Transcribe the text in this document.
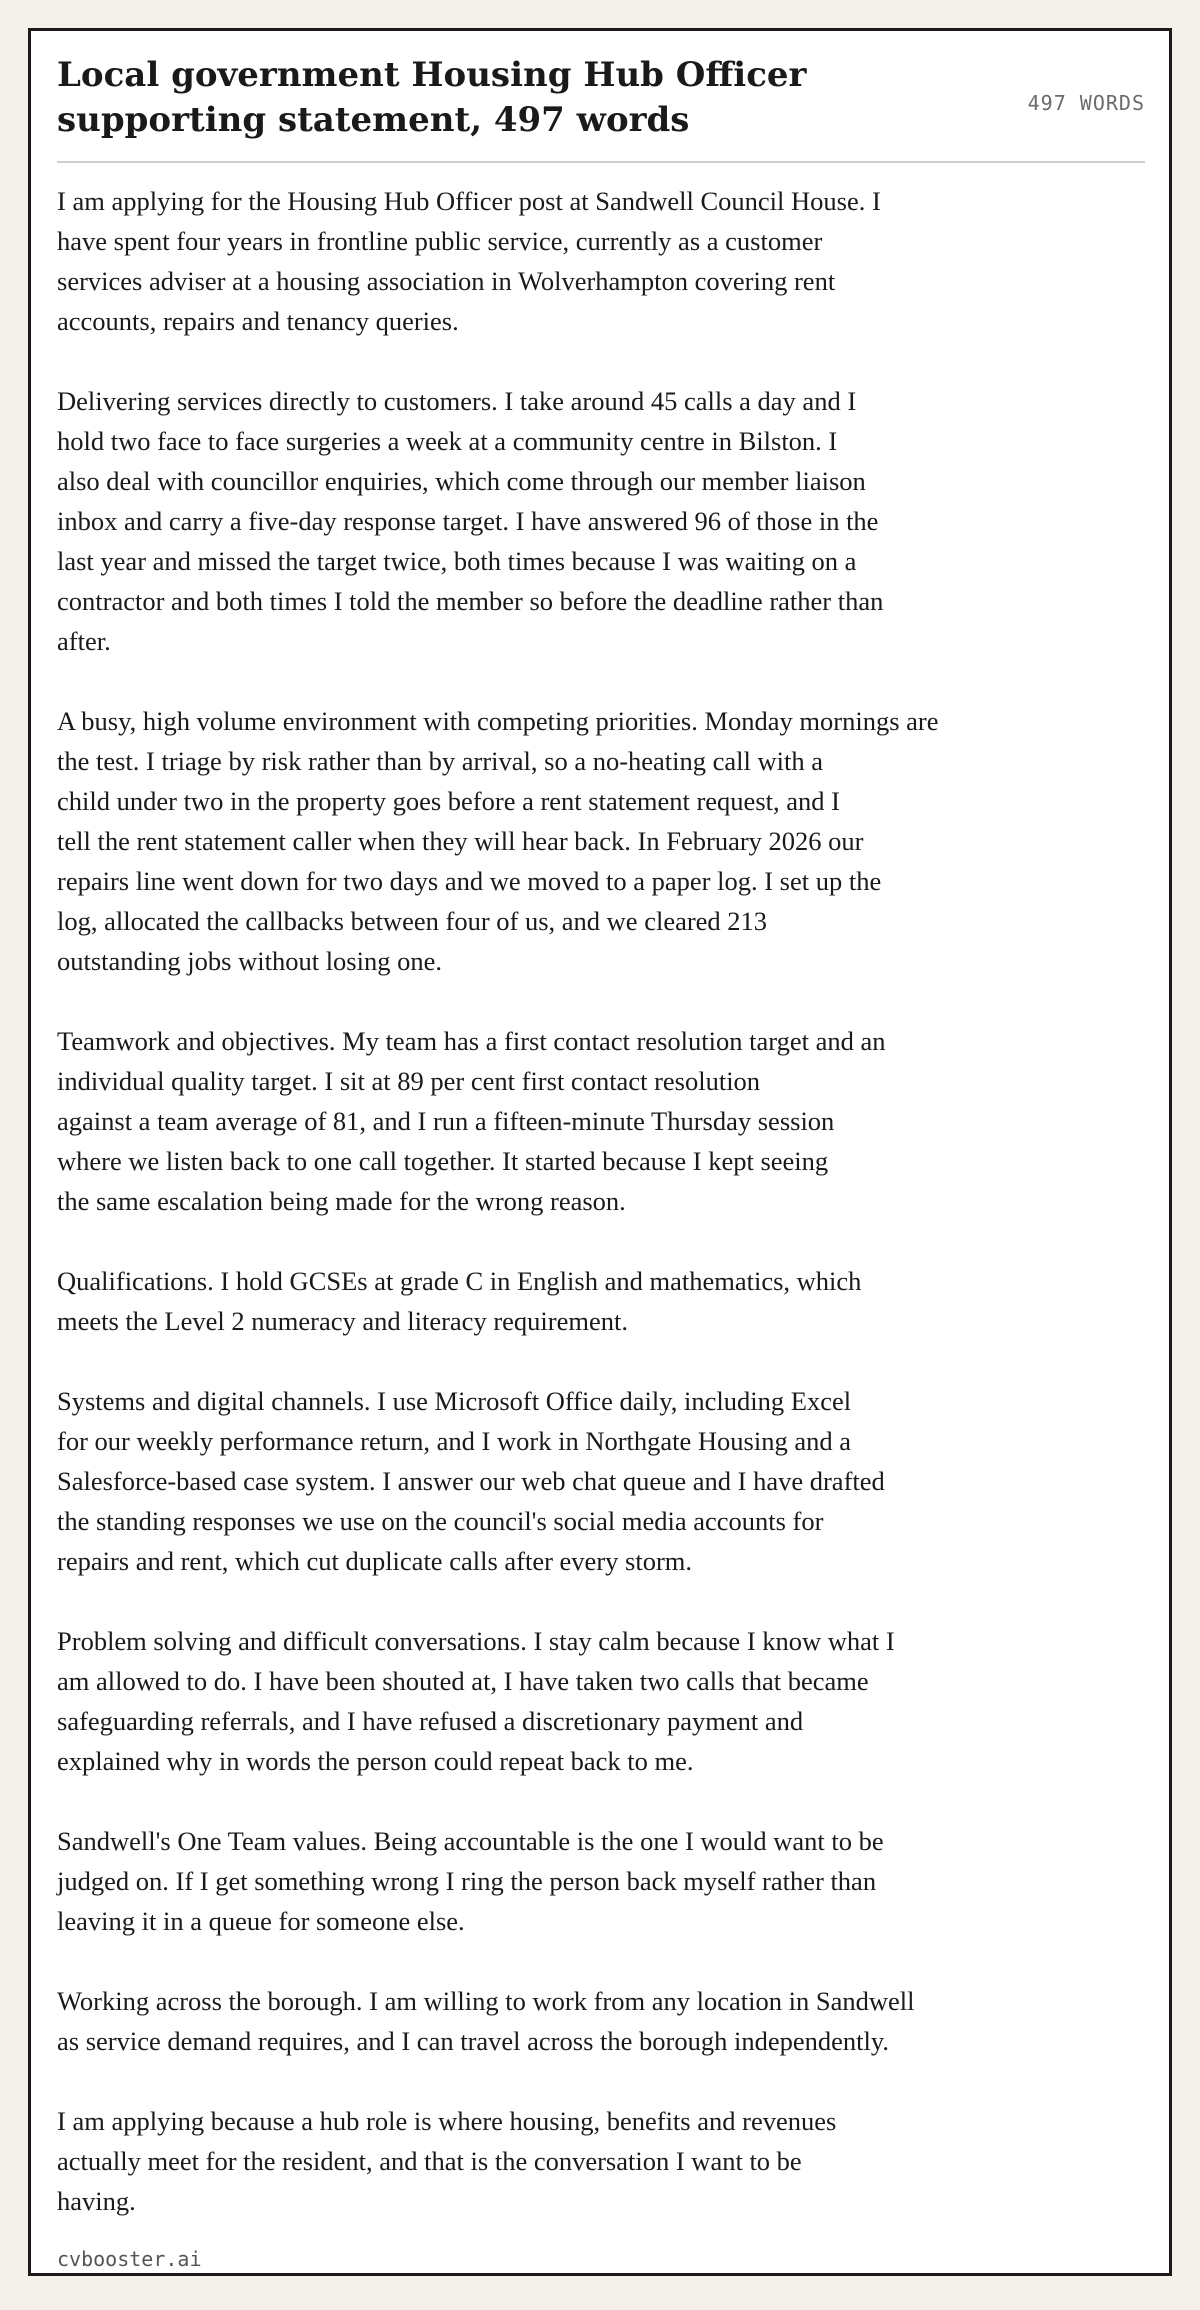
Local government Housing Hub Officer
supporting statement, 497 words	497 WORDS

I am applying for the Housing Hub Officer post at Sandwell Council House. I
have spent four years in frontline public service, currently as a customer
services adviser at a housing association in Wolverhampton covering rent
accounts, repairs and tenancy queries.

Delivering services directly to customers. I take around 45 calls a day and I
hold two face to face surgeries a week at a community centre in Bilston. I
also deal with councillor enquiries, which come through our member liaison
inbox and carry a five-day response target. I have answered 96 of those in the
last year and missed the target twice, both times because I was waiting on a
contractor and both times I told the member so before the deadline rather than
after.

A busy, high volume environment with competing priorities. Monday mornings are
the test. I triage by risk rather than by arrival, so a no-heating call with a
child under two in the property goes before a rent statement request, and I
tell the rent statement caller when they will hear back. In February 2026 our
repairs line went down for two days and we moved to a paper log. I set up the
log, allocated the callbacks between four of us, and we cleared 213
outstanding jobs without losing one.

Teamwork and objectives. My team has a first contact resolution target and an
individual quality target. I sit at 89 per cent first contact resolution
against a team average of 81, and I run a fifteen-minute Thursday session
where we listen back to one call together. It started because I kept seeing
the same escalation being made for the wrong reason.

Qualifications. I hold GCSEs at grade C in English and mathematics, which
meets the Level 2 numeracy and literacy requirement.

Systems and digital channels. I use Microsoft Office daily, including Excel
for our weekly performance return, and I work in Northgate Housing and a
Salesforce-based case system. I answer our web chat queue and I have drafted
the standing responses we use on the council's social media accounts for
repairs and rent, which cut duplicate calls after every storm.

Problem solving and difficult conversations. I stay calm because I know what I
am allowed to do. I have been shouted at, I have taken two calls that became
safeguarding referrals, and I have refused a discretionary payment and
explained why in words the person could repeat back to me.

Sandwell's One Team values. Being accountable is the one I would want to be
judged on. If I get something wrong I ring the person back myself rather than
leaving it in a queue for someone else.

Working across the borough. I am willing to work from any location in Sandwell
as service demand requires, and I can travel across the borough independently.

I am applying because a hub role is where housing, benefits and revenues
actually meet for the resident, and that is the conversation I want to be
having.

cvbooster.ai
